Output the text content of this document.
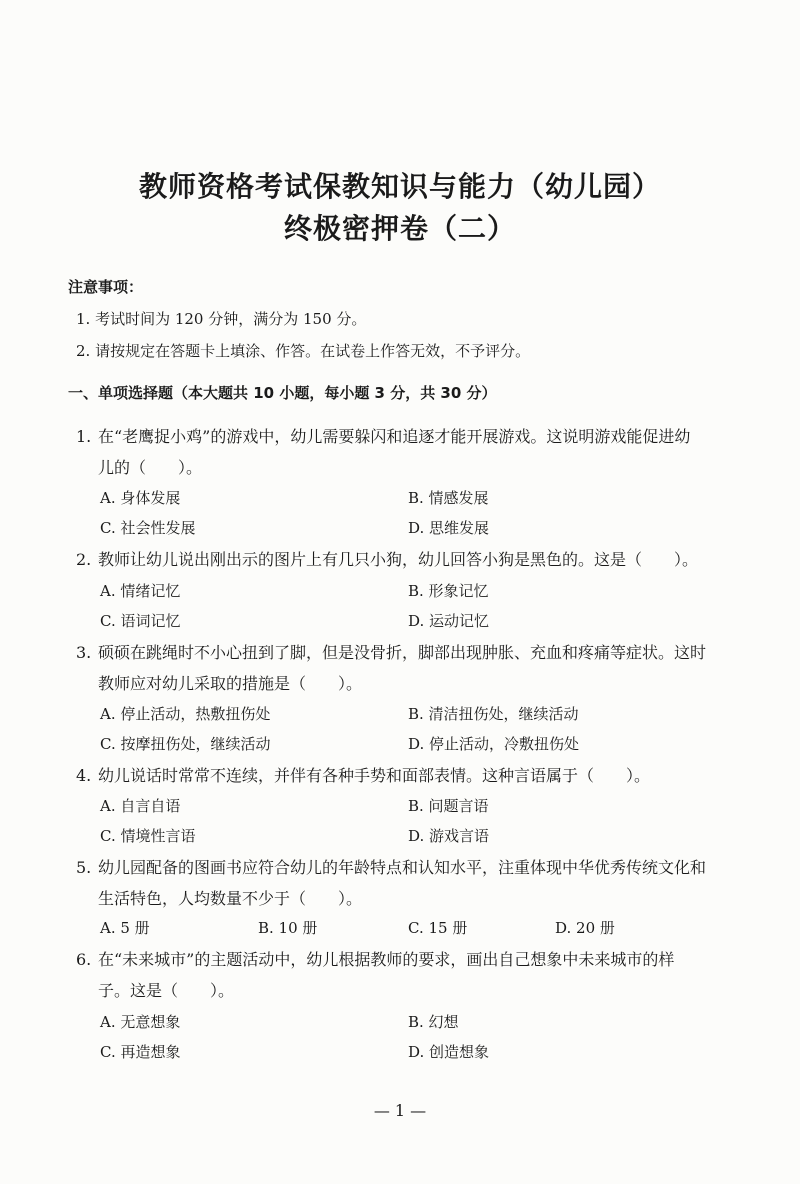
教师资格考试保教知识与能力（幼儿园）
终极密押卷（二）
注意事项：
1. 考试时间为 120 分钟，满分为 150 分。
2. 请按规定在答题卡上填涂、作答。在试卷上作答无效，不予评分。
一、单项选择题（本大题共 10 小题，每小题 3 分，共 30 分）
1. 在“老鹰捉小鸡”的游戏中，幼儿需要躲闪和追逐才能开展游戏。这说明游戏能促进幼
儿的（　　）。
A. 身体发展	B. 情感发展
C. 社会性发展	D. 思维发展
2. 教师让幼儿说出刚出示的图片上有几只小狗，幼儿回答小狗是黑色的。这是（　　）。
A. 情绪记忆	B. 形象记忆
C. 语词记忆	D. 运动记忆
3. 硕硕在跳绳时不小心扭到了脚，但是没骨折，脚部出现肿胀、充血和疼痛等症状。这时
教师应对幼儿采取的措施是（　　）。
A. 停止活动，热敷扭伤处	B. 清洁扭伤处，继续活动
C. 按摩扭伤处，继续活动	D. 停止活动，冷敷扭伤处
4. 幼儿说话时常常不连续，并伴有各种手势和面部表情。这种言语属于（　　）。
A. 自言自语	B. 问题言语
C. 情境性言语	D. 游戏言语
5. 幼儿园配备的图画书应符合幼儿的年龄特点和认知水平，注重体现中华优秀传统文化和
生活特色，人均数量不少于（　　）。
A. 5 册	B. 10 册	C. 15 册	D. 20 册
6. 在“未来城市”的主题活动中，幼儿根据教师的要求，画出自己想象中未来城市的样
子。这是（　　）。
A. 无意想象	B. 幻想
C. 再造想象	D. 创造想象
— 1 —
